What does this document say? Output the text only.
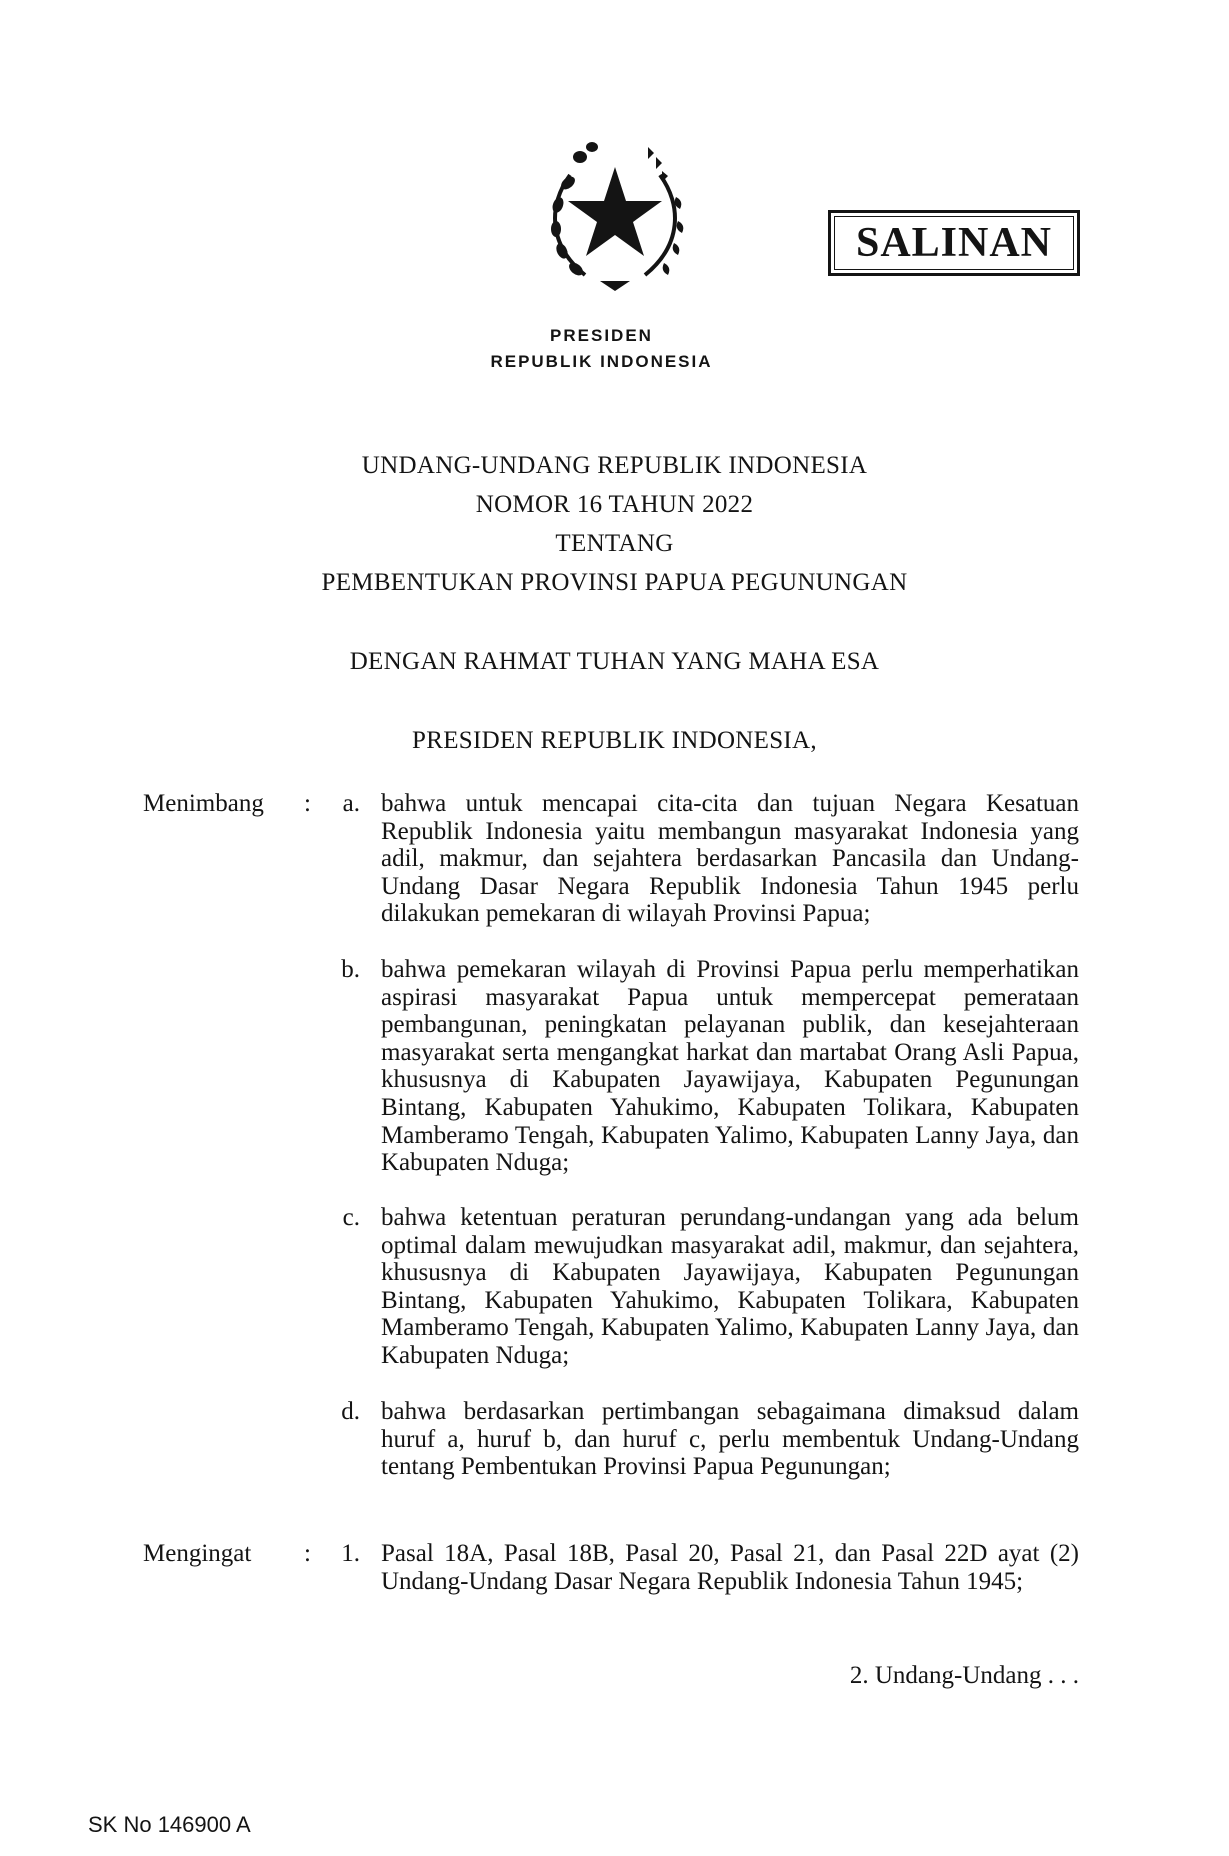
SALINAN
PRESIDEN
REPUBLIK INDONESIA
UNDANG-UNDANG REPUBLIK INDONESIA
NOMOR 16 TAHUN 2022
TENTANG
PEMBENTUKAN PROVINSI PAPUA PEGUNUNGAN
DENGAN RAHMAT TUHAN YANG MAHA ESA
PRESIDEN REPUBLIK INDONESIA,
Menimbang :	a. bahwa untuk mencapai cita-cita dan tujuan Negara Kesatuan Republik Indonesia yaitu membangun masyarakat Indonesia yang adil, makmur, dan sejahtera berdasarkan Pancasila dan Undang-Undang Dasar Negara Republik Indonesia Tahun 1945 perlu dilakukan pemekaran di wilayah Provinsi Papua;
b. bahwa pemekaran wilayah di Provinsi Papua perlu memperhatikan aspirasi masyarakat Papua untuk mempercepat pemerataan pembangunan, peningkatan pelayanan publik, dan kesejahteraan masyarakat serta mengangkat harkat dan martabat Orang Asli Papua, khususnya di Kabupaten Jayawijaya, Kabupaten Pegunungan Bintang, Kabupaten Yahukimo, Kabupaten Tolikara, Kabupaten Mamberamo Tengah, Kabupaten Yalimo, Kabupaten Lanny Jaya, dan Kabupaten Nduga;
c. bahwa ketentuan peraturan perundang-undangan yang ada belum optimal dalam mewujudkan masyarakat adil, makmur, dan sejahtera, khususnya di Kabupaten Jayawijaya, Kabupaten Pegunungan Bintang, Kabupaten Yahukimo, Kabupaten Tolikara, Kabupaten Mamberamo Tengah, Kabupaten Yalimo, Kabupaten Lanny Jaya, dan Kabupaten Nduga;
d. bahwa berdasarkan pertimbangan sebagaimana dimaksud dalam huruf a, huruf b, dan huruf c, perlu membentuk Undang-Undang tentang Pembentukan Provinsi Papua Pegunungan;
Mengingat :	1. Pasal 18A, Pasal 18B, Pasal 20, Pasal 21, dan Pasal 22D ayat (2) Undang-Undang Dasar Negara Republik Indonesia Tahun 1945;
2. Undang-Undang . . .
SK No 146900 A
